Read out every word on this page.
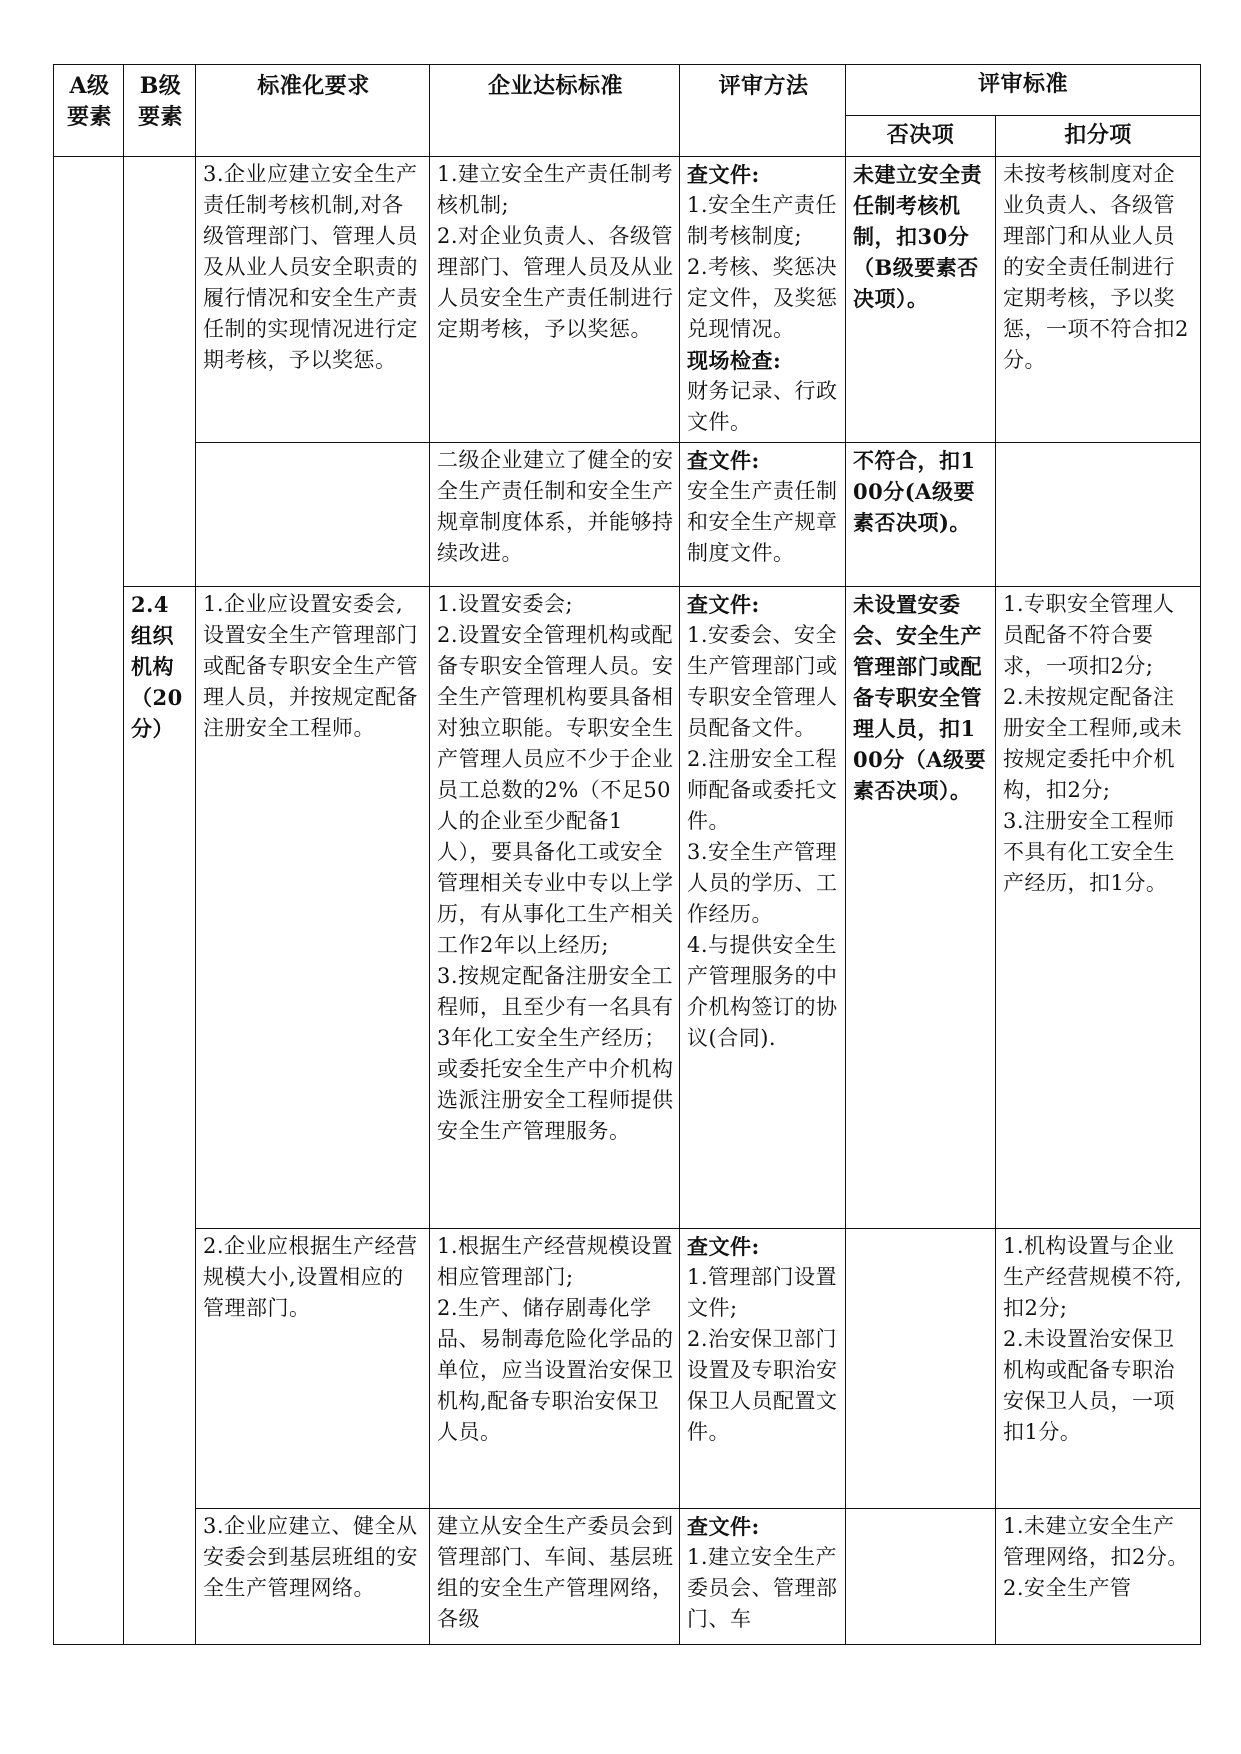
A级要素	B级要素	标准化要求	企业达标标准	评审方法	评审标准	
					否决项	扣分项
		3.企业应建立安全生产责任制考核机制,对各级管理部门、管理人员及从业人员安全职责的履行情况和安全生产责任制的实现情况进行定期考核，予以奖惩。	1.建立安全生产责任制考核机制;
2.对企业负责人、各级管理部门、管理人员及从业人员安全生产责任制进行定期考核，予以奖惩。	查文件:
1.安全生产责任制考核制度;
2.考核、奖惩决定文件，及奖惩兑现情况。
现场检查:
财务记录、行政文件。	未建立安全责任制考核机制，扣30分（B级要素否决项）。	未按考核制度对企业负责人、各级管理部门和从业人员的安全责任制进行定期考核，予以奖惩，一项不符合扣2分。
			二级企业建立了健全的安全生产责任制和安全生产规章制度体系，并能够持续改进。	查文件:
安全生产责任制和安全生产规章制度文件。	不符合，扣100分(A级要素否决项)。	
	2.4组织机构（20分）	1.企业应设置安委会,设置安全生产管理部门或配备专职安全生产管理人员，并按规定配备注册安全工程师。	1.设置安委会;
2.设置安全管理机构或配备专职安全管理人员。安全生产管理机构要具备相对独立职能。专职安全生产管理人员应不少于企业员工总数的2%（不足50人的企业至少配备1人），要具备化工或安全管理相关专业中专以上学历，有从事化工生产相关工作2年以上经历;
3.按规定配备注册安全工程师，且至少有一名具有3年化工安全生产经历；或委托安全生产中介机构选派注册安全工程师提供安全生产管理服务。	查文件:
1.安委会、安全生产管理部门或专职安全管理人员配备文件。
2.注册安全工程师配备或委托文件。
3.安全生产管理人员的学历、工作经历。
4.与提供安全生产管理服务的中介机构签订的协议(合同).	未设置安委会、安全生产管理部门或配备专职安全管理人员，扣100分（A级要素否决项）。	1.专职安全管理人员配备不符合要求，一项扣2分;
2.未按规定配备注册安全工程师,或未按规定委托中介机构，扣2分;
3.注册安全工程师不具有化工安全生产经历，扣1分。

		2.企业应根据生产经营规模大小,设置相应的管理部门。	1.根据生产经营规模设置相应管理部门;
2.生产、储存剧毒化学品、易制毒危险化学品的单位，应当设置治安保卫机构,配备专职治安保卫人员。	查文件:
1.管理部门设置文件;
2.治安保卫部门设置及专职治安保卫人员配置文件。		1.机构设置与企业生产经营规模不符,扣2分;
2.未设置治安保卫机构或配备专职治安保卫人员，一项扣1分。

		3.企业应建立、健全从安委会到基层班组的安全生产管理网络。	建立从安全生产委员会到管理部门、车间、基层班组的安全生产管理网络，各级	查文件:
1.建立安全生产委员会、管理部门、车		1.未建立安全生产管理网络，扣2分。
2.安全生产管
